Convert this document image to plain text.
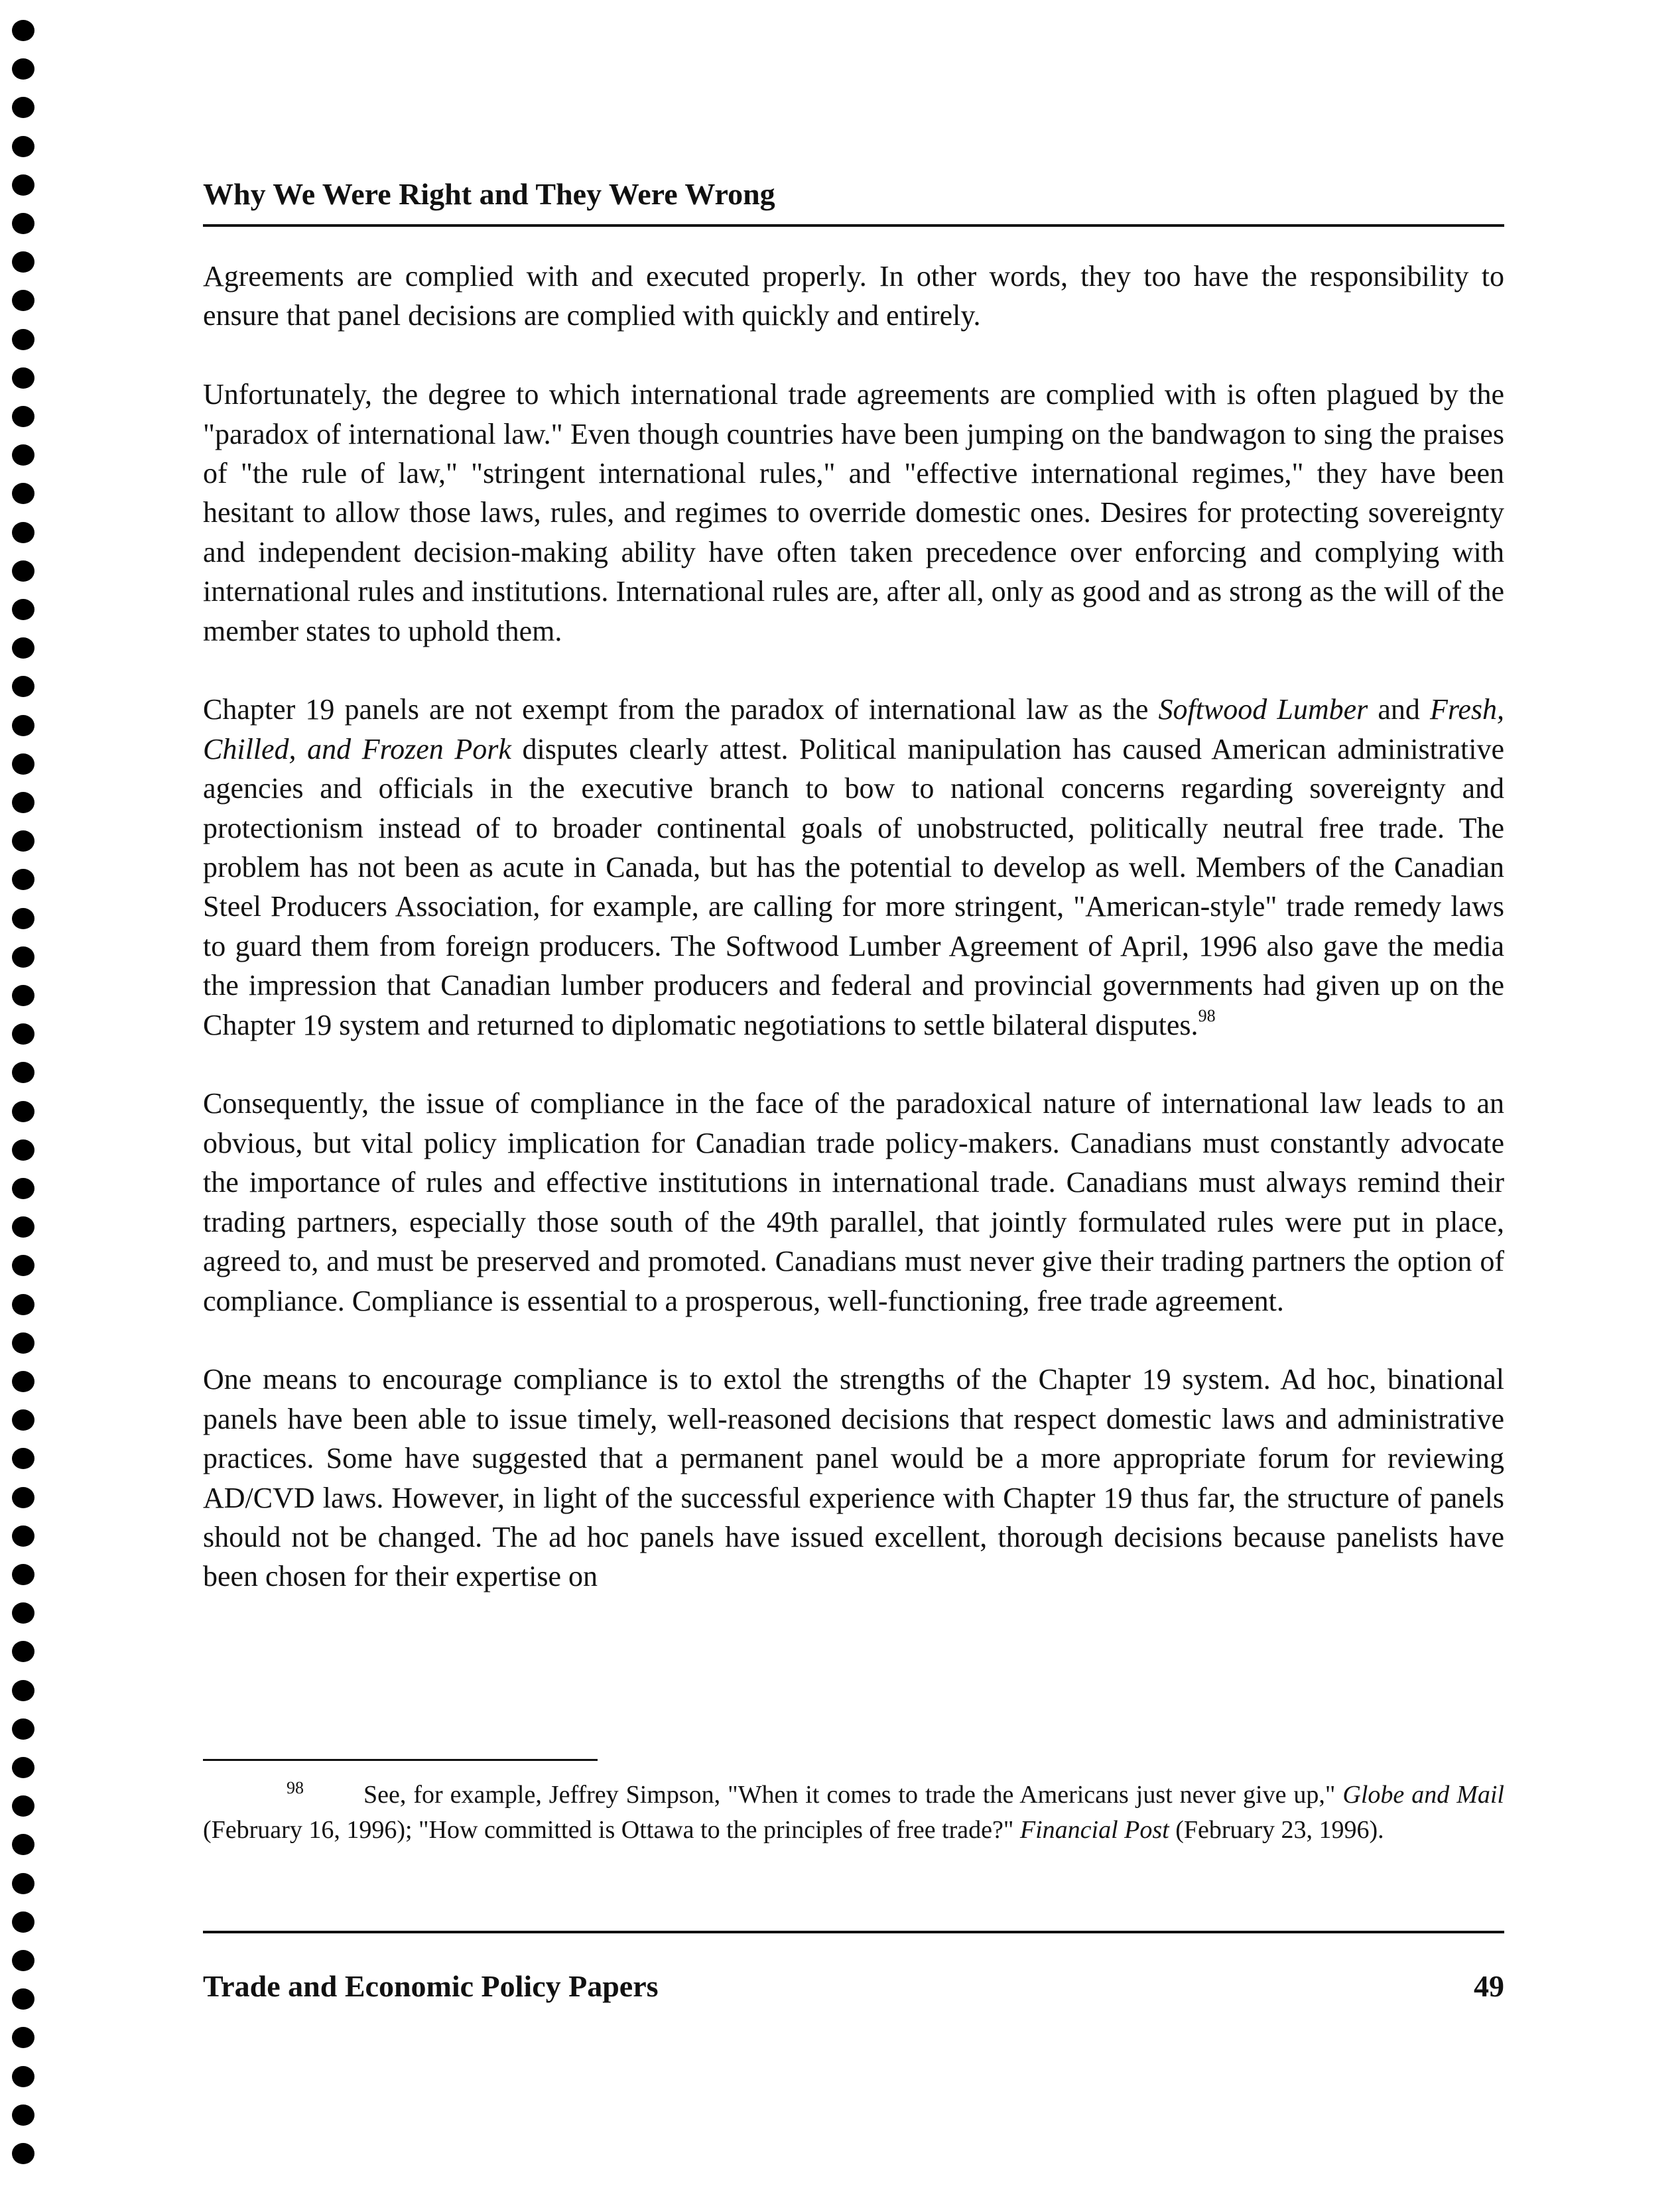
Why We Were Right and They Were Wrong

Agreements are complied with and executed properly. In other words, they too have the responsibility to ensure that panel decisions are complied with quickly and entirely.

Unfortunately, the degree to which international trade agreements are complied with is often plagued by the "paradox of international law." Even though countries have been jumping on the bandwagon to sing the praises of "the rule of law," "stringent international rules," and "effective international regimes," they have been hesitant to allow those laws, rules, and regimes to override domestic ones. Desires for protecting sovereignty and independent decision-making ability have often taken precedence over enforcing and complying with international rules and institutions. International rules are, after all, only as good and as strong as the will of the member states to uphold them.

Chapter 19 panels are not exempt from the paradox of international law as the Softwood Lumber and Fresh, Chilled, and Frozen Pork disputes clearly attest. Political manipulation has caused American administrative agencies and officials in the executive branch to bow to national concerns regarding sovereignty and protectionism instead of to broader continental goals of unobstructed, politically neutral free trade. The problem has not been as acute in Canada, but has the potential to develop as well. Members of the Canadian Steel Producers Association, for example, are calling for more stringent, "American-style" trade remedy laws to guard them from foreign producers. The Softwood Lumber Agreement of April, 1996 also gave the media the impression that Canadian lumber producers and federal and provincial governments had given up on the Chapter 19 system and returned to diplomatic negotiations to settle bilateral disputes.$^{98}$

Consequently, the issue of compliance in the face of the paradoxical nature of international law leads to an obvious, but vital policy implication for Canadian trade policy-makers. Canadians must constantly advocate the importance of rules and effective institutions in international trade. Canadians must always remind their trading partners, especially those south of the 49th parallel, that jointly formulated rules were put in place, agreed to, and must be preserved and promoted. Canadians must never give their trading partners the option of compliance. Compliance is essential to a prosperous, well-functioning, free trade agreement.

One means to encourage compliance is to extol the strengths of the Chapter 19 system. Ad hoc, binational panels have been able to issue timely, well-reasoned decisions that respect domestic laws and administrative practices. Some have suggested that a permanent panel would be a more appropriate forum for reviewing AD/CVD laws. However, in light of the successful experience with Chapter 19 thus far, the structure of panels should not be changed. The ad hoc panels have issued excellent, thorough decisions because panelists have been chosen for their expertise on

98 See, for example, Jeffrey Simpson, "When it comes to trade the Americans just never give up," Globe and Mail (February 16, 1996); "How committed is Ottawa to the principles of free trade?" Financial Post (February 23, 1996).
Trade and Economic Policy Papers	49
